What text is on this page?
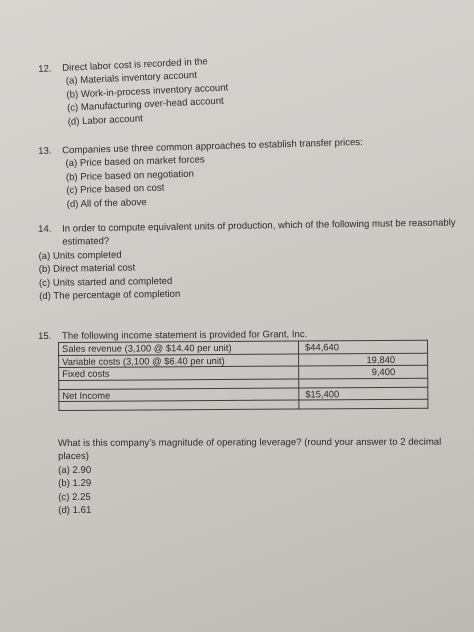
12. Direct labor cost is recorded in the
(a) Materials inventory account
(b) Work-in-process inventory account
(c) Manufacturing over-head account
(d) Labor account
13. Companies use three common approaches to establish transfer prices:
(a) Price based on market forces
(b) Price based on negotiation
(c) Price based on cost
(d) All of the above
14. In order to compute equivalent units of production, which of the following must be reasonably
estimated?
(a) Units completed
(b) Direct material cost
(c) Units started and completed
(d) The percentage of completion
15. The following income statement is provided for Grant, Inc.
Sales revenue (3,100 @ $14.40 per unit)	$44,640
Variable costs (3,100 @ $6.40 per unit)	19,840
Fixed costs	9,400

Net Income	$15,400

What is this company’s magnitude of operating leverage? (round your answer to 2 decimal
places)
(a) 2.90
(b) 1.29
(c) 2.25
(d) 1.61
